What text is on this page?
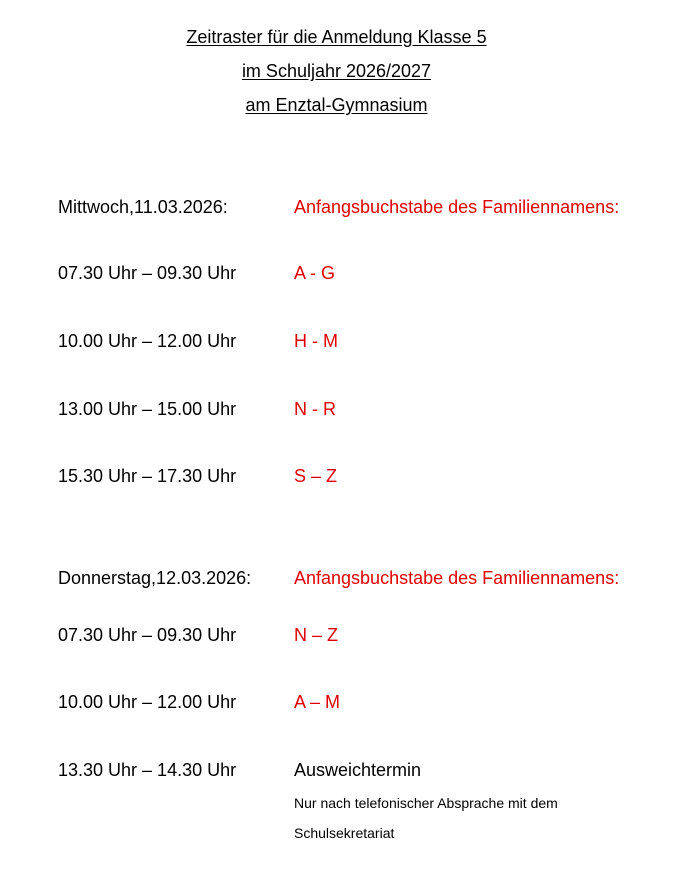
Zeitraster für die Anmeldung Klasse 5
im Schuljahr 2026/2027
am Enztal-Gymnasium
Mittwoch,11.03.2026:	Anfangsbuchstabe des Familiennamens:
07.30 Uhr – 09.30 Uhr	A - G
10.00 Uhr – 12.00 Uhr	H - M
13.00 Uhr – 15.00 Uhr	N - R
15.30 Uhr – 17.30 Uhr	S – Z
Donnerstag,12.03.2026: Anfangsbuchstabe des Familiennamens:
07.30 Uhr – 09.30 Uhr	N – Z
10.00 Uhr – 12.00 Uhr	A – M
13.30 Uhr – 14.30 Uhr	Ausweichtermin
Nur nach telefonischer Absprache mit dem
Schulsekretariat
